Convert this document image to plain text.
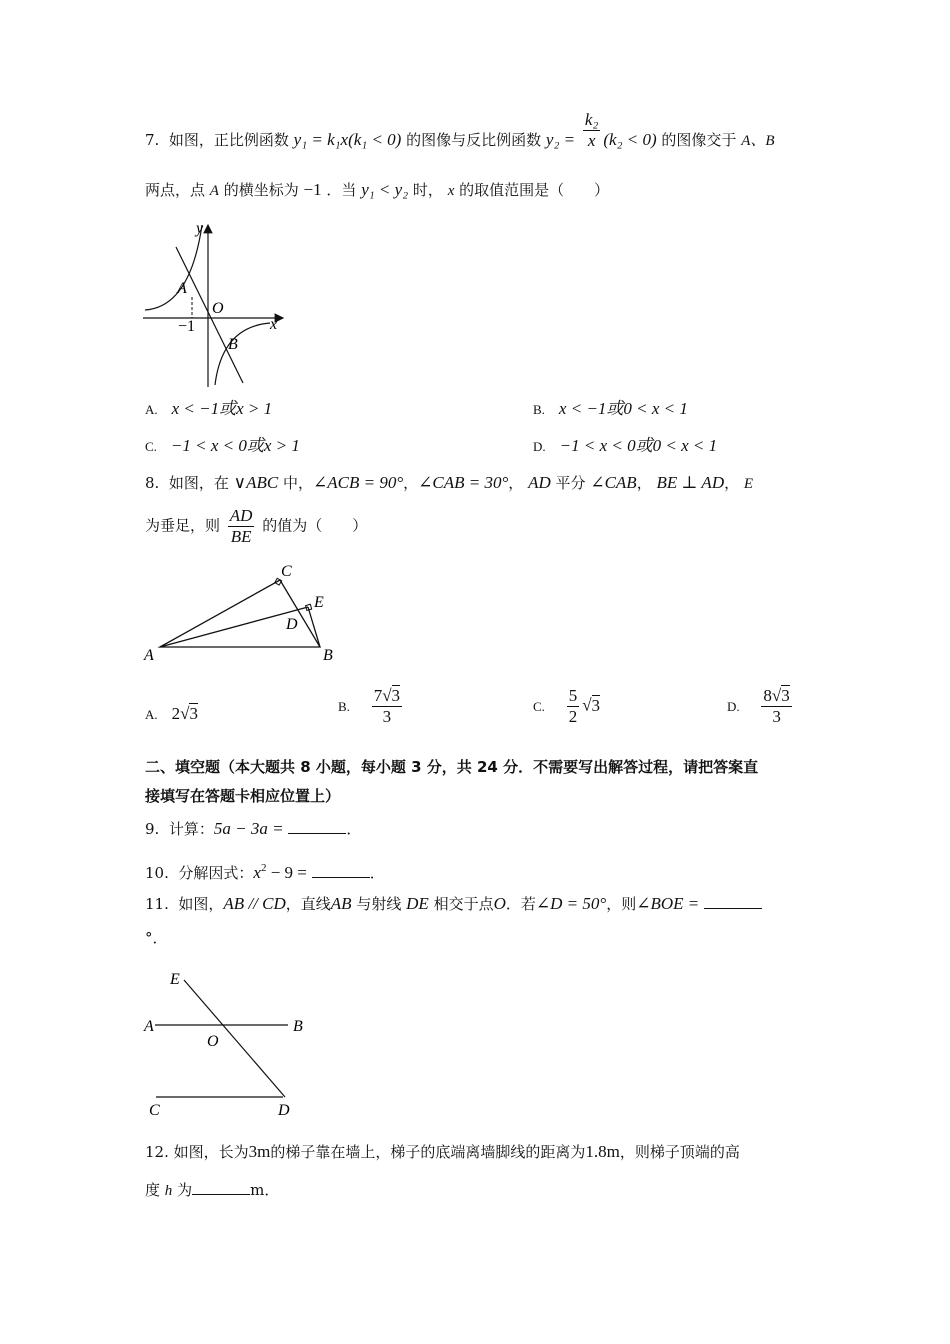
7. 如图，正比例函数 y₁ = k₁x(k₁ < 0) 的图像与反比例函数 $y_2 = \frac{\text{k₂}}{x} (k_2 < 0)$ 的图像交于 A、B
两点，点 A 的横坐标为 −1 ．当 y₁ < y₂ 时， x 的取值范围是（　　）
y
x
O
A
B
−1
A. x < −1或x > 1	B. x < −1或0 < x < 1
C. −1 < x < 0或x > 1	D. −1 < x < 0或0 < x < 1
8. 如图，在 ∨ABC 中，∠ACB = 90°，∠CAB = 30°， AD 平分 ∠CAB， BE ⊥ AD， E
为垂足，则 $\frac{AD}{BE}$ 的值为（　　）
A	B
C
D
E
A. 2√3	B. $\frac{7√3}{3}$	C. $\frac{5}{2} √3$	D. $\frac{8√3}{3}$
二、填空题（本大题共 8 小题，每小题 3 分，共 24 分．不需要写出解答过程，请把答案直
接填写在答题卡相应位置上）
9. 计算：5a − 3a =	．
10. 分解因式：$x^2 - 9$ =	．
11. 如图，AB // CD，直线AB 与射线 DE 相交于点O．若∠D = 50°，则∠BOE =
°．
E
A	B
O
C	D
12. 如图，长为3m的梯子靠在墙上，梯子的底端离墙脚线的距离为1.8m，则梯子顶端的高
度 h 为	m．
